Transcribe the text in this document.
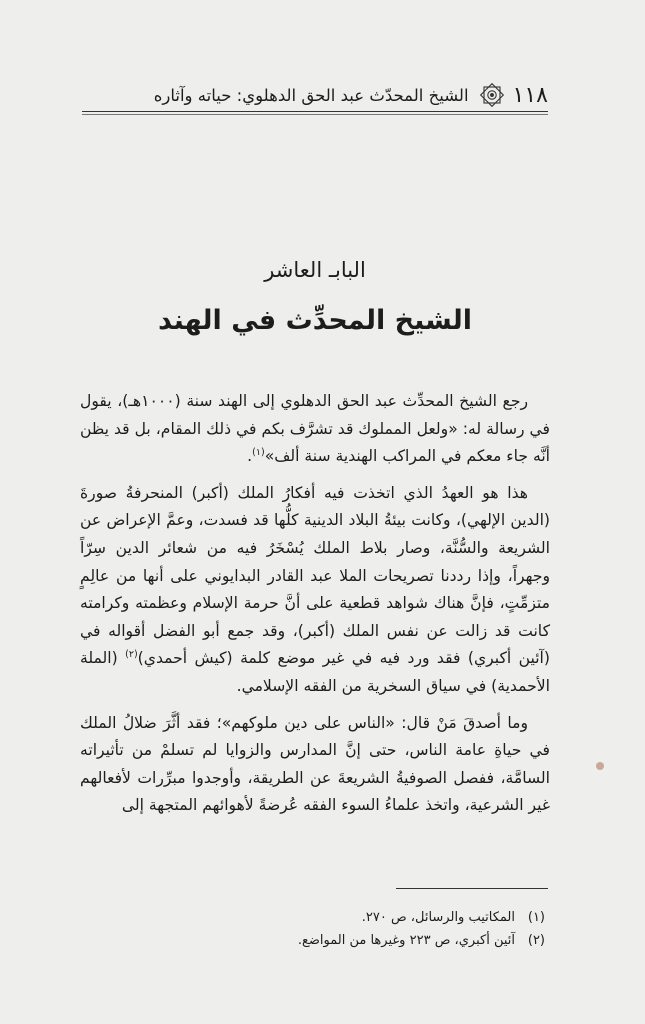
١١٨
الشيخ المحدّث عبد الحق الدهلوي: حياته وآثاره
البابـ العاشر
الشيخ المحدِّث في الهند

رجع الشيخ المحدِّث عبد الحق الدهلوي إلى الهند سنة (١٠٠٠هـ)، يقول في رسالة له: «ولعل المملوك قد تشرَّف بكم في ذلك المقام، بل قد يظن أنَّه جاء معكم في المراكب الهندية سنة ألف»$^{(١)}$.

هذا هو العهدُ الذي اتخذت فيه أفكارُ الملك (أكبر) المنحرفةُ صورةَ (الدين الإلهي)، وكانت بيئةُ البلاد الدينية كلُّها قد فسدت، وعمَّ الإعراض عن الشريعة والسُّنَّة، وصار بلاط الملك يُسْخَرُ فيه من شعائر الدين سِرّاً وجهراً، وإذا رددنا تصريحات الملا عبد القادر البدايوني على أنها من عالِمٍ متزمِّتٍ، فإنَّ هناك شواهد قطعية على أنَّ حرمة الإسلام وعظمته وكرامته كانت قد زالت عن نفس الملك (أكبر)، وقد جمع أبو الفضل أقواله في (آئين أكبري) فقد ورد فيه في غير موضع كلمة (كيش أحمدي)$^{(٢)}$ (الملة الأحمدية) في سياق السخرية من الفقه الإسلامي.

وما أصدقَ مَنْ قال: «الناس على دين ملوكهم»؛ فقد أثَّرَ ضلالُ الملك في حياةِ عامة الناس، حتى إنَّ المدارس والزوايا لم تسلمْ من تأثيراته السامَّة، ففصل الصوفيةُ الشريعةَ عن الطريقة، وأوجدوا مبرِّرات لأفعالهم غير الشرعية، واتخذ علماءُ السوء الفقه عُرضةً لأهوائهم المتجهة إلى

(١)المكاتيب والرسائل، ص ٢٧٠.
(٢)آئين أكبري، ص ٢٢٣ وغيرها من المواضع.
